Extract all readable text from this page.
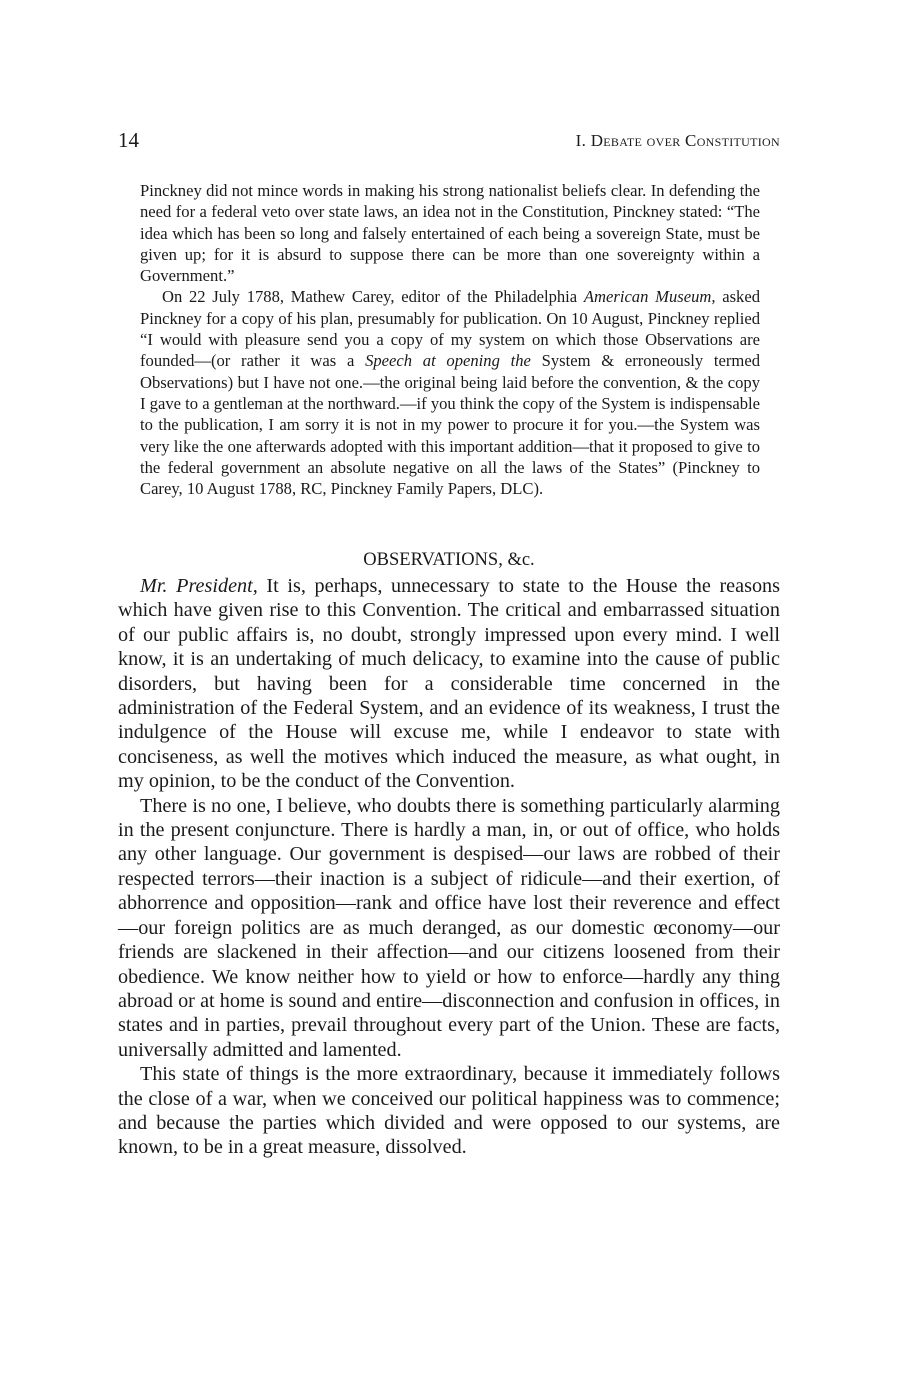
14	I. Debate over Constitution

Pinckney did not mince words in making his strong nationalist beliefs clear. In defending the need for a federal veto over state laws, an idea not in the Constitution, Pinckney stated: “The idea which has been so long and falsely entertained of each being a sovereign State, must be given up; for it is absurd to suppose there can be more than one sovereignty within a Government.”

On 22 July 1788, Mathew Carey, editor of the Philadelphia American Museum, asked Pinckney for a copy of his plan, presumably for publication. On 10 August, Pinckney replied “I would with pleasure send you a copy of my system on which those Observations are founded—(or rather it was a Speech at opening the System & erroneously termed Observations) but I have not one.—the original being laid before the convention, & the copy I gave to a gentleman at the northward.—if you think the copy of the System is indispensable to the publication, I am sorry it is not in my power to procure it for you.—the System was very like the one afterwards adopted with this important addition—that it proposed to give to the federal government an absolute negative on all the laws of the States” (Pinckney to Carey, 10 August 1788, RC, Pinckney Family Papers, DLC).

OBSERVATIONS, &c.

Mr. President, It is, perhaps, unnecessary to state to the House the reasons which have given rise to this Convention. The critical and embarrassed situation of our public affairs is, no doubt, strongly impressed upon every mind. I well know, it is an undertaking of much delicacy, to examine into the cause of public disorders, but having been for a considerable time concerned in the administration of the Federal System, and an evidence of its weakness, I trust the indulgence of the House will excuse me, while I endeavor to state with conciseness, as well the motives which induced the measure, as what ought, in my opinion, to be the conduct of the Convention.

There is no one, I believe, who doubts there is something particularly alarming in the present conjuncture. There is hardly a man, in, or out of office, who holds any other language. Our government is despised—our laws are robbed of their respected terrors—their inaction is a subject of ridicule—and their exertion, of abhorrence and opposition—rank and office have lost their reverence and effect—our foreign politics are as much deranged, as our domestic œconomy—our friends are slackened in their affection—and our citizens loosened from their obedience. We know neither how to yield or how to enforce—hardly any thing abroad or at home is sound and entire—disconnection and confusion in offices, in states and in parties, prevail throughout every part of the Union. These are facts, universally admitted and lamented.

This state of things is the more extraordinary, because it immediately follows the close of a war, when we conceived our political happiness was to commence; and because the parties which divided and were opposed to our systems, are known, to be in a great measure, dissolved.
